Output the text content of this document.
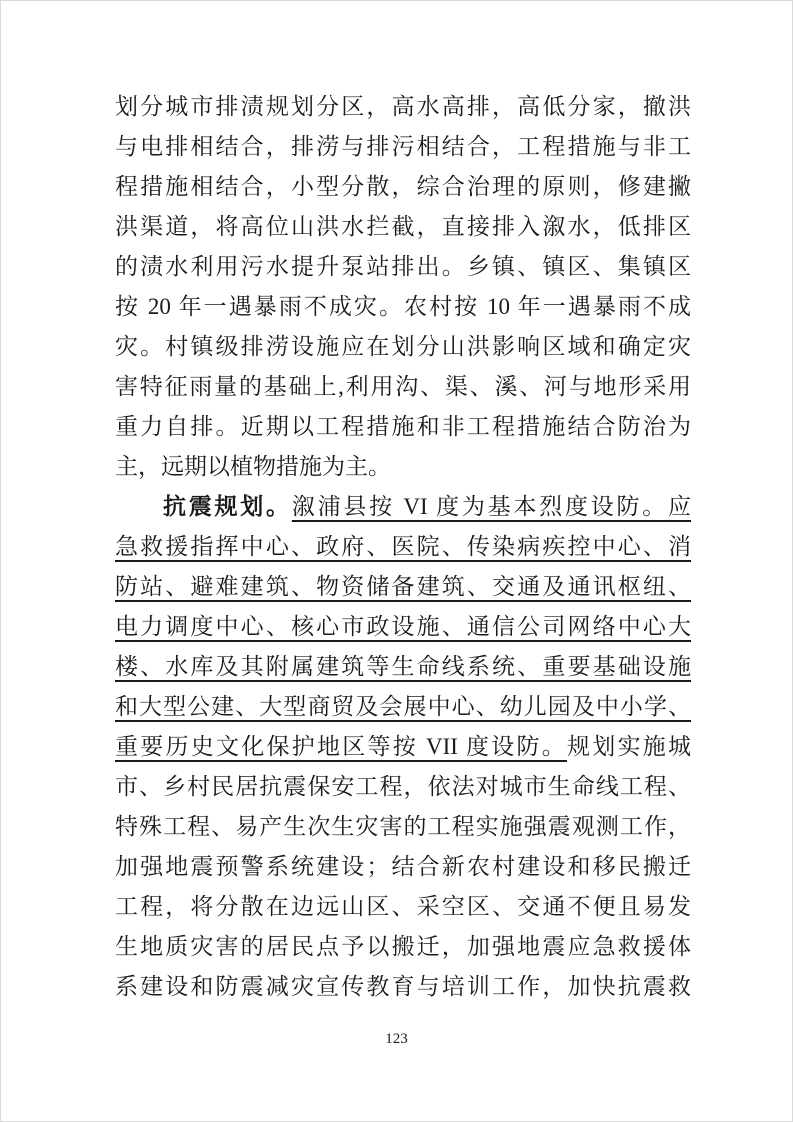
划分城市排渍规划分区，高水高排，高低分家，撤洪
与电排相结合，排涝与排污相结合，工程措施与非工
程措施相结合，小型分散，综合治理的原则，修建撇
洪渠道，将高位山洪水拦截，直接排入溆水，低排区
的渍水利用污水提升泵站排出。乡镇、镇区、集镇区
按 20 年一遇暴雨不成灾。农村按 10 年一遇暴雨不成
灾。村镇级排涝设施应在划分山洪影响区域和确定灾
害特征雨量的基础上,利用沟、渠、溪、河与地形采用
重力自排。近期以工程措施和非工程措施结合防治为
主，远期以植物措施为主。
抗震规划。溆浦县按 VI 度为基本烈度设防。应
急救援指挥中心、政府、医院、传染病疾控中心、消
防站、避难建筑、物资储备建筑、交通及通讯枢纽、
电力调度中心、核心市政设施、通信公司网络中心大
楼、水库及其附属建筑等生命线系统、重要基础设施
和大型公建、大型商贸及会展中心、幼儿园及中小学、
重要历史文化保护地区等按 VII 度设防。规划实施城
市、乡村民居抗震保安工程，依法对城市生命线工程、
特殊工程、易产生次生灾害的工程实施强震观测工作，
加强地震预警系统建设；结合新农村建设和移民搬迁
工程，将分散在边远山区、采空区、交通不便且易发
生地质灾害的居民点予以搬迁，加强地震应急救援体
系建设和防震减灾宣传教育与培训工作，加快抗震救
123
